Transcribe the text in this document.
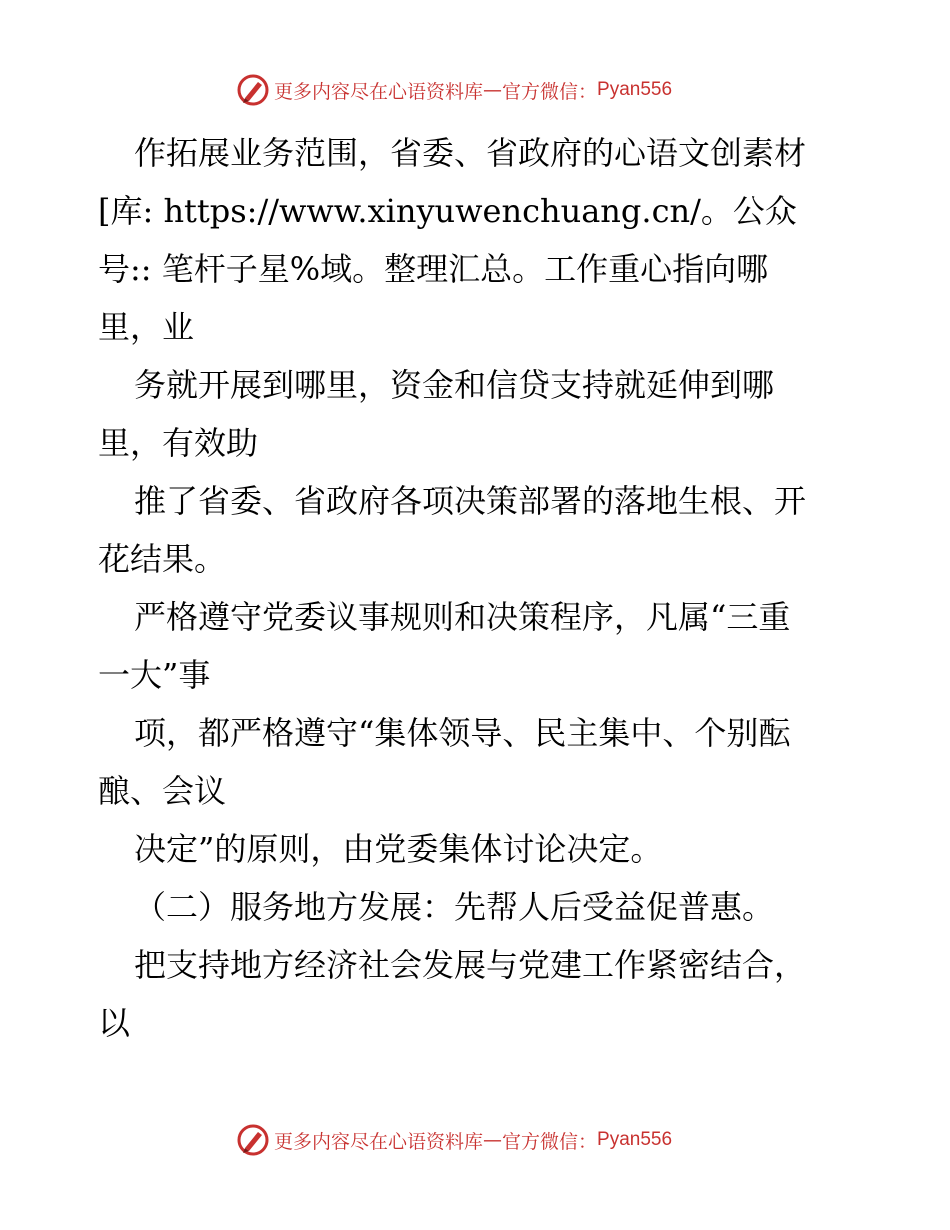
更多内容尽在心语资料库 — 官方微信： Pyan556
作拓展业务范围，省委、省政府的心语文创素材
[库: https://www.xinyuwenchuang.cn/。公众
号:: 笔杆子星%域。整理汇总。工作重心指向哪
里，业
务就开展到哪里，资金和信贷支持就延伸到哪
里，有效助
推了省委、省政府各项决策部署的落地生根、开
花结果。
严格遵守党委议事规则和决策程序，凡属“三重
一大”事
项，都严格遵守“集体领导、民主集中、个别酝
酿、会议
决定”的原则，由党委集体讨论决定。
（二）服务地方发展：先帮人后受益促普惠。
把支持地方经济社会发展与党建工作紧密结合，
以
更多内容尽在心语资料库 — 官方微信： Pyan556
